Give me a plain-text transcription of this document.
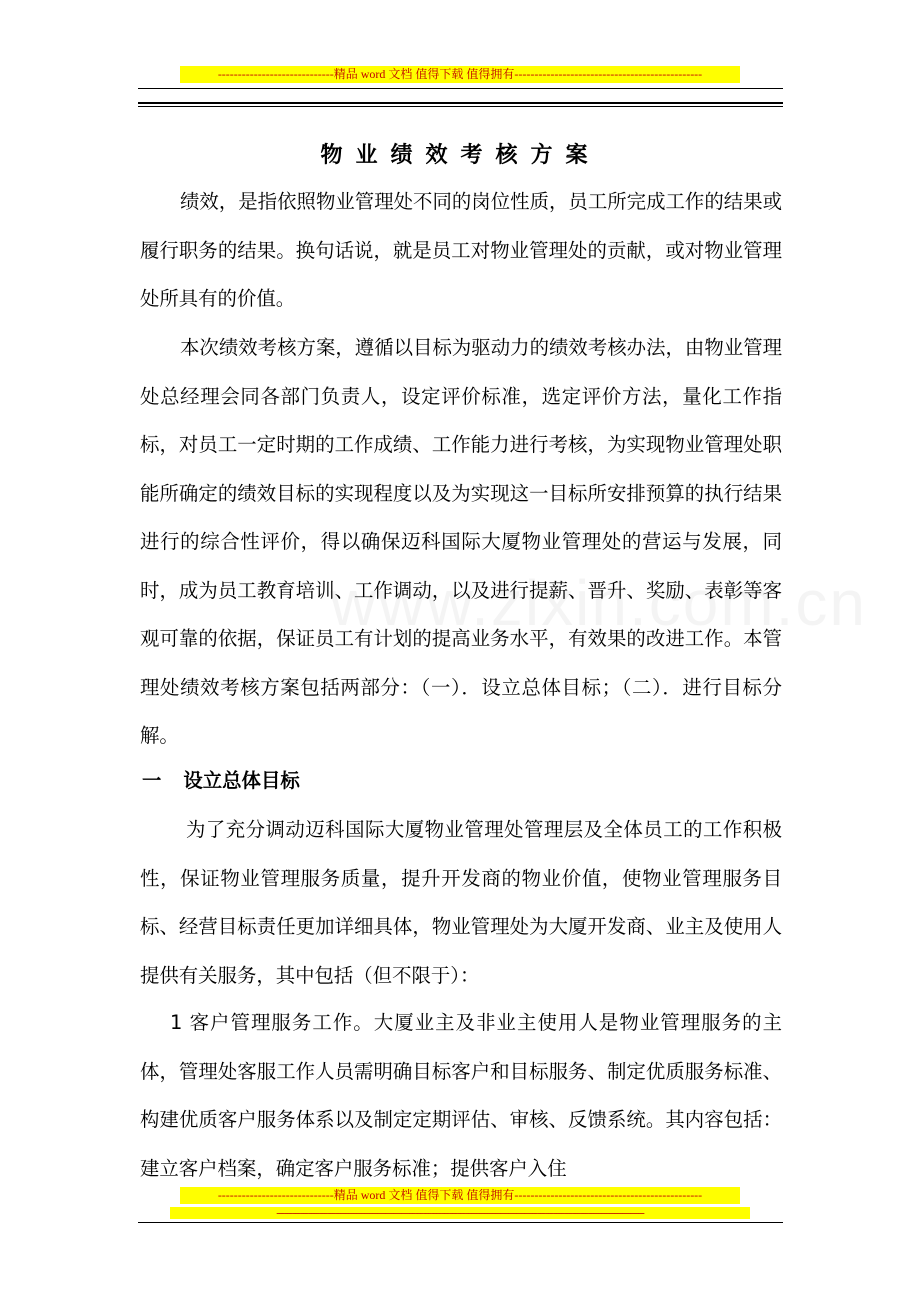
-----------------------------精品 word 文档 值得下载 值得拥有-----------------------------------------------
物业绩效考核方案
绩效，是指依照物业管理处不同的岗位性质，员工所完成工作的结果或履行职务的结果。换句话说，就是员工对物业管理处的贡献，或对物业管理处所具有的价值。
本次绩效考核方案，遵循以目标为驱动力的绩效考核办法，由物业管理处总经理会同各部门负责人，设定评价标准，选定评价方法，量化工作指标，对员工一定时期的工作成绩、工作能力进行考核，为实现物业管理处职能所确定的绩效目标的实现程度以及为实现这一目标所安排预算的执行结果进行的综合性评价，得以确保迈科国际大厦物业管理处的营运与发展，同时，成为员工教育培训、工作调动，以及进行提薪、晋升、奖励、表彰等客观可靠的依据，保证员工有计划的提高业务水平，有效果的改进工作。本管理处绩效考核方案包括两部分：（一）．设立总体目标；（二）．进行目标分解。
一 设立总体目标
为了充分调动迈科国际大厦物业管理处管理层及全体员工的工作积极性，保证物业管理服务质量，提升开发商的物业价值，使物业管理服务目标、经营目标责任更加详细具体，物业管理处为大厦开发商、业主及使用人提供有关服务，其中包括（但不限于）：
1 客户管理服务工作。大厦业主及非业主使用人是物业管理服务的主体，管理处客服工作人员需明确目标客户和目标服务、制定优质服务标准、构建优质客户服务体系以及制定定期评估、审核、反馈系统。其内容包括：建立客户档案，确定客户服务标准；提供客户入住
-----------------------------精品 word 文档 值得下载 值得拥有-----------------------------------------------
------------------------------------------------------------------------------------------------------------------------------------------
